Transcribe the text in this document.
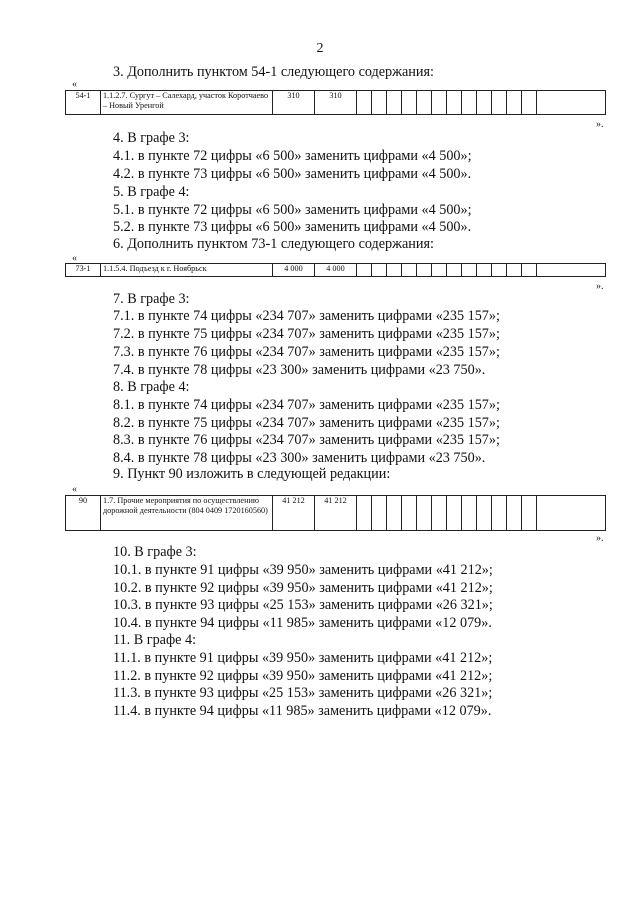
2
3. Дополнить пунктом 54-1 следующего содержания:
«
54-1	1.1.2.7. Сургут – Салехард, участок Коротчаево – Новый Уренгой	310	310													
».
4. В графе 3:
4.1. в пункте 72 цифры «6 500» заменить цифрами «4 500»;
4.2. в пункте 73 цифры «6 500» заменить цифрами «4 500».
5. В графе 4:
5.1. в пункте 72 цифры «6 500» заменить цифрами «4 500»;
5.2. в пункте 73 цифры «6 500» заменить цифрами «4 500».
6. Дополнить пунктом 73-1 следующего содержания:
«
73-1	1.1.5.4. Подъезд к г. Ноябрьск	4 000	4 000													
».
7. В графе 3:
7.1. в пункте 74 цифры «234 707» заменить цифрами «235 157»;
7.2. в пункте 75 цифры «234 707» заменить цифрами «235 157»;
7.3. в пункте 76 цифры «234 707» заменить цифрами «235 157»;
7.4. в пункте 78 цифры «23 300» заменить цифрами «23 750».
8. В графе 4:
8.1. в пункте 74 цифры «234 707» заменить цифрами «235 157»;
8.2. в пункте 75 цифры «234 707» заменить цифрами «235 157»;
8.3. в пункте 76 цифры «234 707» заменить цифрами «235 157»;
8.4. в пункте 78 цифры «23 300» заменить цифрами «23 750».
9. Пункт 90 изложить в следующей редакции:
«
90	1.7. Прочие мероприятия по осуществлению дорожной деятельности (804 0409 1720160560)	41 212	41 212													
».
10. В графе 3:
10.1. в пункте 91 цифры «39 950» заменить цифрами «41 212»;
10.2. в пункте 92 цифры «39 950» заменить цифрами «41 212»;
10.3. в пункте 93 цифры «25 153» заменить цифрами «26 321»;
10.4. в пункте 94 цифры «11 985» заменить цифрами «12 079».
11. В графе 4:
11.1. в пункте 91 цифры «39 950» заменить цифрами «41 212»;
11.2. в пункте 92 цифры «39 950» заменить цифрами «41 212»;
11.3. в пункте 93 цифры «25 153» заменить цифрами «26 321»;
11.4. в пункте 94 цифры «11 985» заменить цифрами «12 079».
